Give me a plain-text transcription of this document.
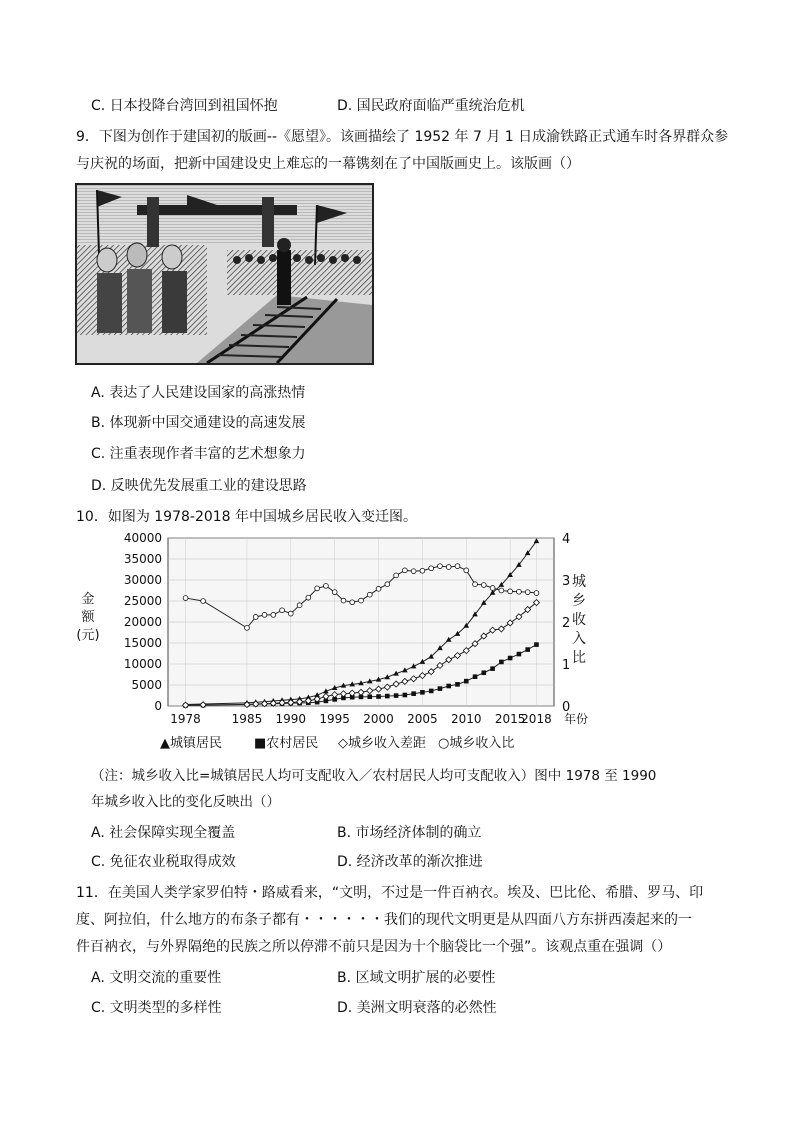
C. 日本投降台湾回到祖国怀抱	D. 国民政府面临严重统治危机
9．下图为创作于建国初的版画--《愿望》。该画描绘了 1952 年 7 月 1 日成渝铁路正式通车时各界群众参
与庆祝的场面，把新中国建设史上难忘的一幕镌刻在了中国版画史上。该版画（）
A. 表达了人民建设国家的高涨热情
B. 体现新中国交通建设的高速发展
C. 注重表现作者丰富的艺术想象力
D. 反映优先发展重工业的建设思路
10．如图为 1978-2018 年中国城乡居民收入变迁图。
金
额
(元)
城
乡
收
入
比
0
5000
10000
15000
20000
25000
30000
35000
40000
0
1
2
3
4
1978	1985 1990 1995 2000 2005 2010 2015
2018 年份
▲城镇居民 ■农村居民 ◇城乡收入差距 ○城乡收入比
（注：城乡收入比=城镇居民人均可支配收入／农村居民人均可支配收入）图中 1978 至 1990
年城乡收入比的变化反映出（）
A. 社会保障实现全覆盖	B. 市场经济体制的确立
C. 免征农业税取得成效	D. 经济改革的渐次推进
11．在美国人类学家罗伯特・路威看来，“文明，不过是一件百衲衣。埃及、巴比伦、希腊、罗马、印
度、阿拉伯，什么地方的布条子都有・・・・・・我们的现代文明更是从四面八方东拼西凑起来的一
件百衲衣，与外界隔绝的民族之所以停滞不前只是因为十个脑袋比一个强”。该观点重在强调（）
A. 文明交流的重要性	B. 区域文明扩展的必要性
C. 文明类型的多样性	D. 美洲文明衰落的必然性
